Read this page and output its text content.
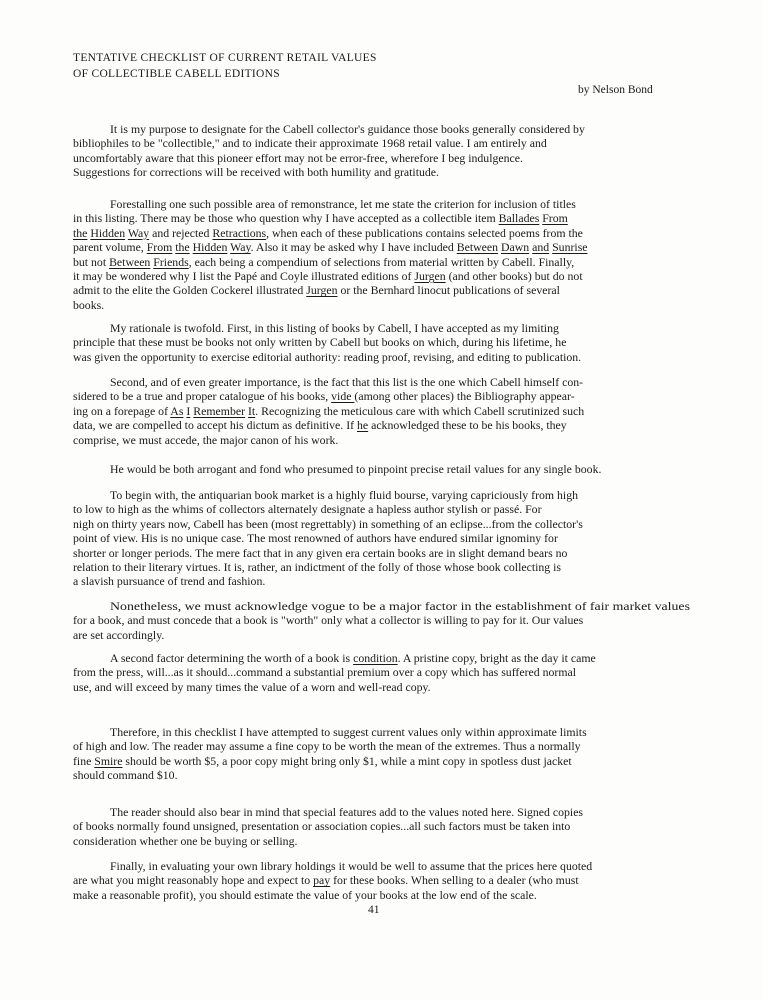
TENTATIVE CHECKLIST OF CURRENT RETAIL VALUES
OF COLLECTIBLE CABELL EDITIONS
by Nelson Bond
It is my purpose to designate for the Cabell collector's guidance those books generally considered by
bibliophiles to be "collectible," and to indicate their approximate 1968 retail value. I am entirely and
uncomfortably aware that this pioneer effort may not be error-free, wherefore I beg indulgence.
Suggestions for corrections will be received with both humility and gratitude.
Forestalling one such possible area of remonstrance, let me state the criterion for inclusion of titles
in this listing. There may be those who question why I have accepted as a collectible item Ballades From
the Hidden Way and rejected Retractions, when each of these publications contains selected poems from the
parent volume, From the Hidden Way. Also it may be asked why I have included Between Dawn and Sunrise
but not Between Friends, each being a compendium of selections from material written by Cabell. Finally,
it may be wondered why I list the Papé and Coyle illustrated editions of Jurgen (and other books) but do not
admit to the elite the Golden Cockerel illustrated Jurgen or the Bernhard linocut publications of several
books.
My rationale is twofold. First, in this listing of books by Cabell, I have accepted as my limiting
principle that these must be books not only written by Cabell but books on which, during his lifetime, he
was given the opportunity to exercise editorial authority: reading proof, revising, and editing to publication.
Second, and of even greater importance, is the fact that this list is the one which Cabell himself con-
sidered to be a true and proper catalogue of his books, vide (among other places) the Bibliography appear-
ing on a forepage of As I Remember It. Recognizing the meticulous care with which Cabell scrutinized such
data, we are compelled to accept his dictum as definitive. If he acknowledged these to be his books, they
comprise, we must accede, the major canon of his work.
He would be both arrogant and fond who presumed to pinpoint precise retail values for any single book.
To begin with, the antiquarian book market is a highly fluid bourse, varying capriciously from high
to low to high as the whims of collectors alternately designate a hapless author stylish or passé. For
nigh on thirty years now, Cabell has been (most regrettably) in something of an eclipse...from the collector's
point of view. His is no unique case. The most renowned of authors have endured similar ignominy for
shorter or longer periods. The mere fact that in any given era certain books are in slight demand bears no
relation to their literary virtues. It is, rather, an indictment of the folly of those whose book collecting is
a slavish pursuance of trend and fashion.
Nonetheless, we must acknowledge vogue to be a major factor in the establishment of fair market values
for a book, and must concede that a book is "worth" only what a collector is willing to pay for it. Our values
are set accordingly.
A second factor determining the worth of a book is condition. A pristine copy, bright as the day it came
from the press, will...as it should...command a substantial premium over a copy which has suffered normal
use, and will exceed by many times the value of a worn and well-read copy.
Therefore, in this checklist I have attempted to suggest current values only within approximate limits
of high and low. The reader may assume a fine copy to be worth the mean of the extremes. Thus a normally
fine Smire should be worth $5, a poor copy might bring only $1, while a mint copy in spotless dust jacket
should command $10.
The reader should also bear in mind that special features add to the values noted here. Signed copies
of books normally found unsigned, presentation or association copies...all such factors must be taken into
consideration whether one be buying or selling.
Finally, in evaluating your own library holdings it would be well to assume that the prices here quoted
are what you might reasonably hope and expect to pay for these books. When selling to a dealer (who must
make a reasonable profit), you should estimate the value of your books at the low end of the scale.
41
